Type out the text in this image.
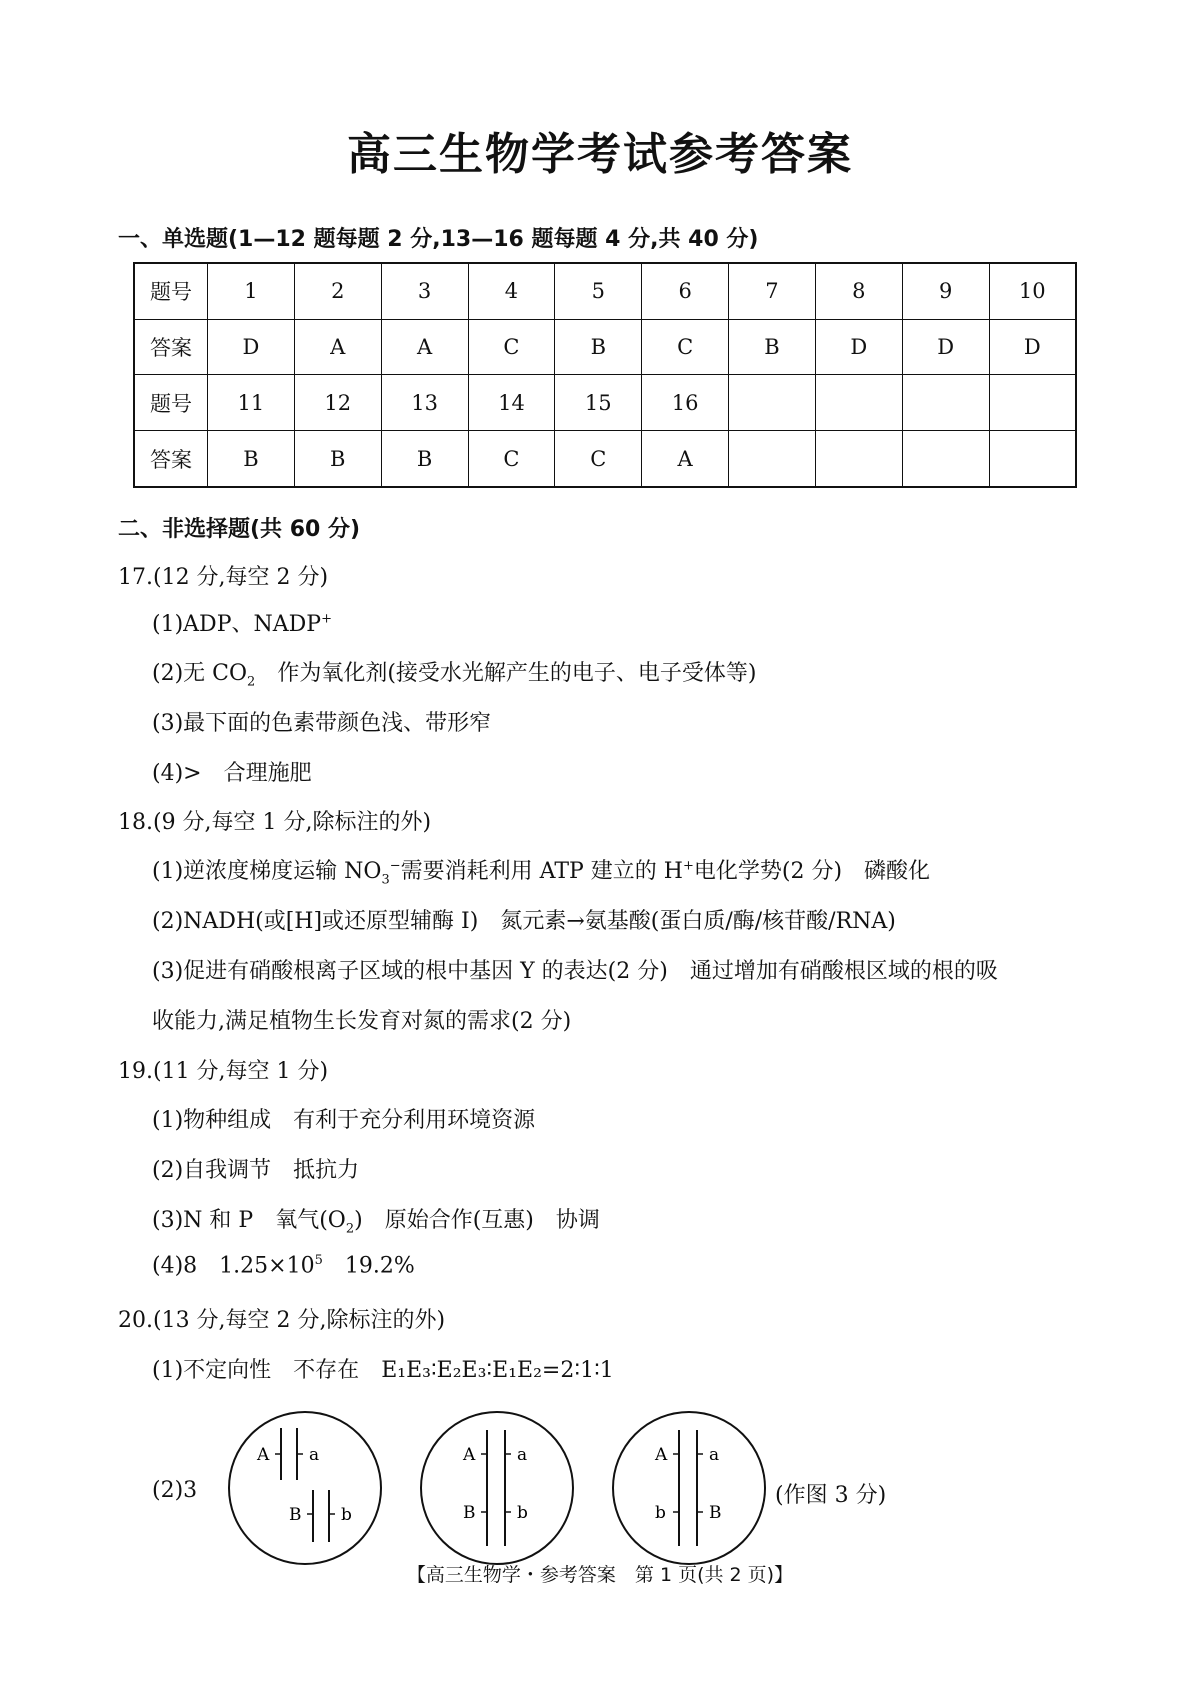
高三生物学考试参考答案
一、单选题(1—12 题每题 2 分,13—16 题每题 4 分,共 40 分)
题号	1	2	3	4	5	6	7	8	9	10
答案	D	A	A	C	B	C	B	D	D	D
题号	11	12	13	14	15	16				
答案	B	B	B	C	C	A				
二、非选择题(共 60 分)
17.(12 分,每空 2 分)
(1)ADP、NADP+
(2)无 $CO_2$ 作为氧化剂(接受水光解产生的电子、电子受体等)
(3)最下面的色素带颜色浅、带形窄
(4)> 合理施肥
18.(9 分,每空 1 分,除标注的外)
(1)逆浓度梯度运输 $NO_3^-$需要消耗利用 ATP 建立的 H+电化学势(2 分) 磷酸化
(2)NADH(或[H]或还原型辅酶 Ⅰ) 氮元素→氨基酸(蛋白质/酶/核苷酸/RNA)
(3)促进有硝酸根离子区域的根中基因 Y 的表达(2 分) 通过增加有硝酸根区域的根的吸
收能力,满足植物生长发育对氮的需求(2 分)
19.(11 分,每空 1 分)
(1)物种组成 有利于充分利用环境资源
(2)自我调节 抵抗力
(3)N 和 P 氧气$(O_2)$ 原始合作(互惠) 协调
(4)8 $1.25\times 10^5$ 19.2%
20.(13 分,每空 2 分,除标注的外)
(1)不定向性 不存在 E₁E₃∶E₂E₃∶E₁E₂=2∶1∶1
(2)3
A a
B b
A a
B b
A a
b	B
(作图 3 分)
【高三生物学・参考答案　第 1 页(共 2 页)】
